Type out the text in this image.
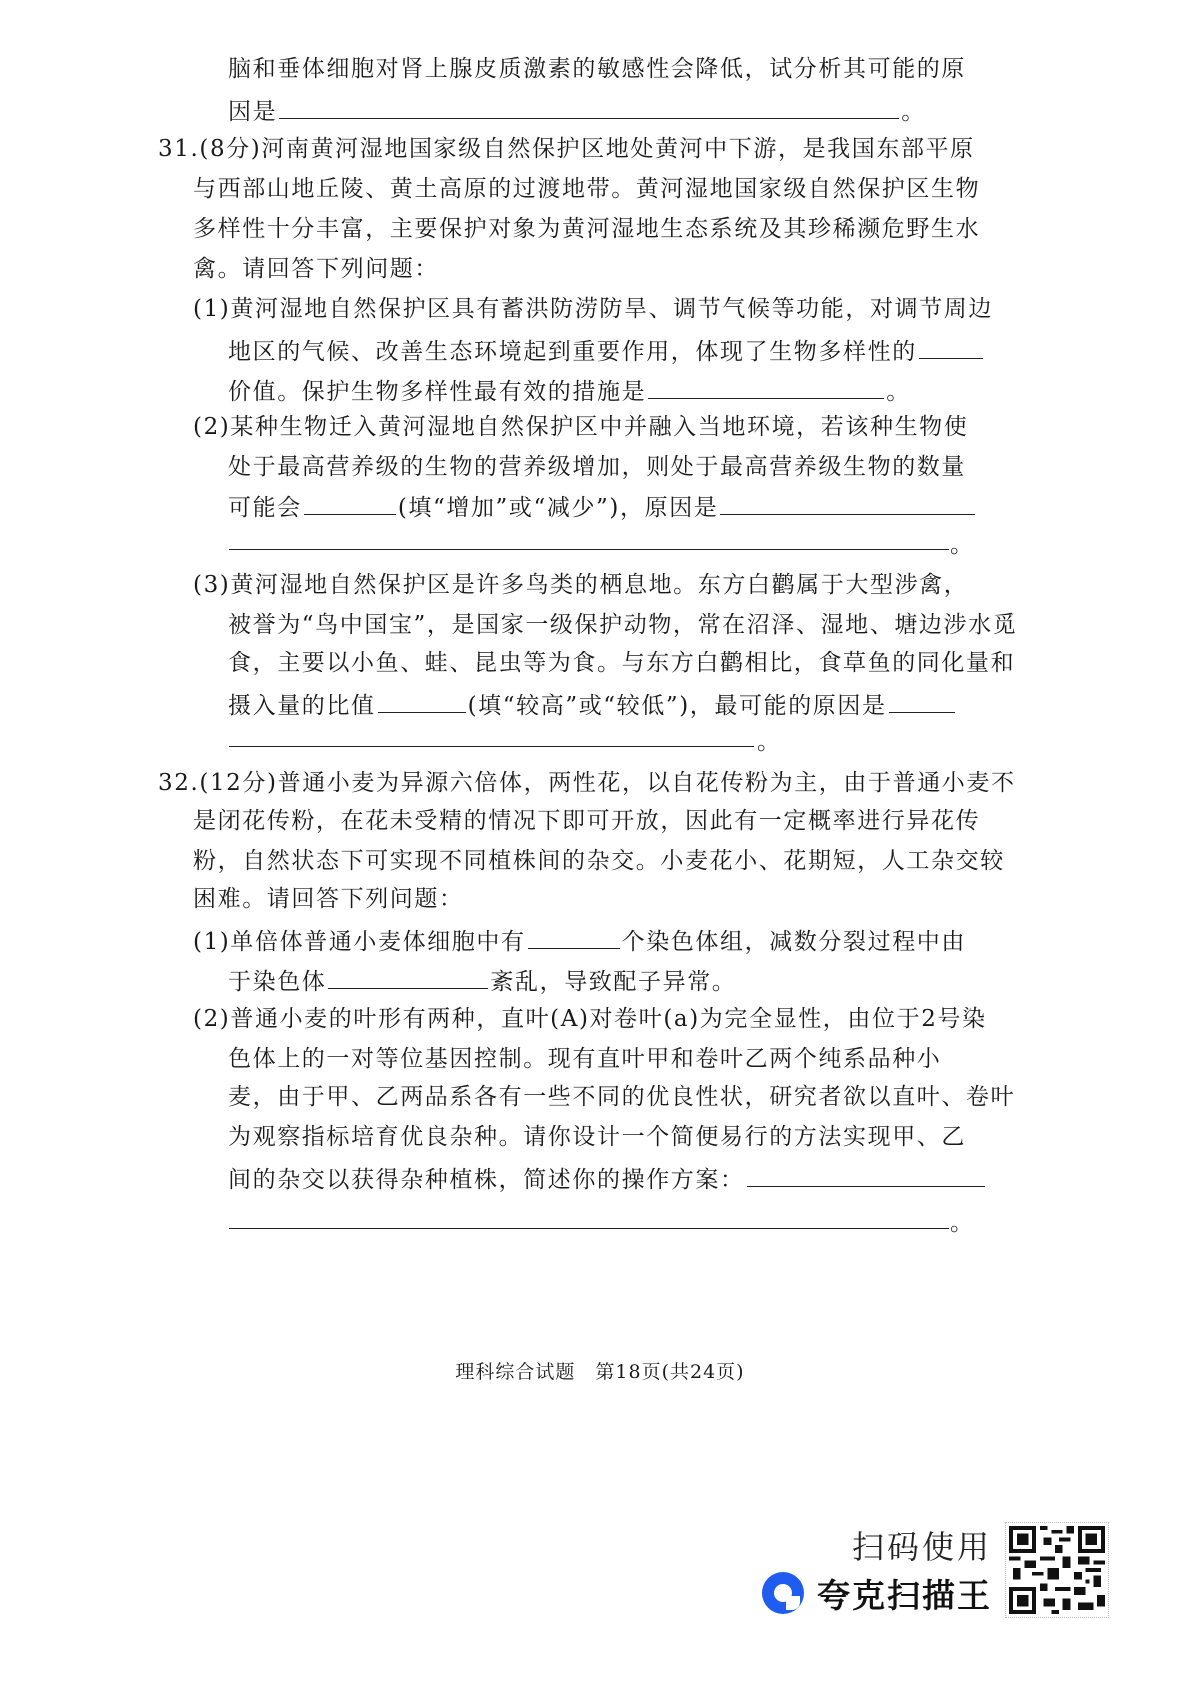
脑和垂体细胞对肾上腺皮质激素的敏感性会降低，试分析其可能的原
因是	。
31.(8分)河南黄河湿地国家级自然保护区地处黄河中下游，是我国东部平原
与西部山地丘陵、黄土高原的过渡地带。黄河湿地国家级自然保护区生物
多样性十分丰富，主要保护对象为黄河湿地生态系统及其珍稀濒危野生水
禽。请回答下列问题：
(1)黄河湿地自然保护区具有蓄洪防涝防旱、调节气候等功能，对调节周边
地区的气候、改善生态环境起到重要作用，体现了生物多样性的
价值。保护生物多样性最有效的措施是	。
(2)某种生物迁入黄河湿地自然保护区中并融入当地环境，若该种生物使
处于最高营养级的生物的营养级增加，则处于最高营养级生物的数量
可能会	(填“增加”或“减少”)，原因是
。
(3)黄河湿地自然保护区是许多鸟类的栖息地。东方白鹳属于大型涉禽，
被誉为“鸟中国宝”，是国家一级保护动物，常在沼泽、湿地、塘边涉水觅
食，主要以小鱼、蛙、昆虫等为食。与东方白鹳相比，食草鱼的同化量和
摄入量的比值	(填“较高”或“较低”)，最可能的原因是
。
32.(12分)普通小麦为异源六倍体，两性花，以自花传粉为主，由于普通小麦不
是闭花传粉，在花未受精的情况下即可开放，因此有一定概率进行异花传
粉，自然状态下可实现不同植株间的杂交。小麦花小、花期短，人工杂交较
困难。请回答下列问题：
(1)单倍体普通小麦体细胞中有	个染色体组，减数分裂过程中由
于染色体	紊乱，导致配子异常。
(2)普通小麦的叶形有两种，直叶(A)对卷叶(a)为完全显性，由位于2号染
色体上的一对等位基因控制。现有直叶甲和卷叶乙两个纯系品种小
麦，由于甲、乙两品系各有一些不同的优良性状，研究者欲以直叶、卷叶
为观察指标培育优良杂种。请你设计一个简便易行的方法实现甲、乙
间的杂交以获得杂种植株，简述你的操作方案：
。
理科综合试题 第18页(共24页)
扫码使用
夸克扫描王
